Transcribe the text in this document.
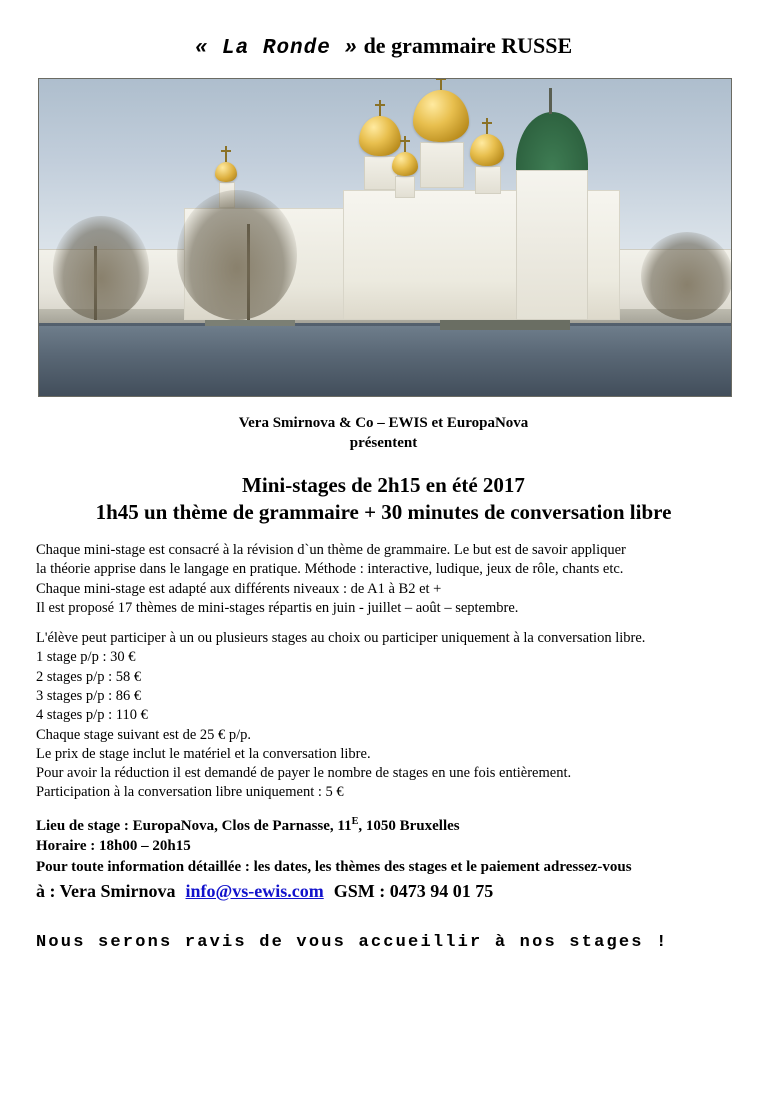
« La Ronde » de grammaire RUSSE
Vera Smirnova & Co – EWIS et EuropaNova
présentent
Mini-stages de 2h15 en été 2017
1h45 un thème de grammaire + 30 minutes de conversation libre

Chaque mini-stage est consacré à la révision d`un thème de grammaire. Le but est de savoir appliquer

la théorie apprise dans le langage en pratique. Méthode : interactive, ludique, jeux de rôle, chants etc.

Chaque mini-stage est adapté aux différents niveaux : de A1 à B2 et +

Il est proposé 17 thèmes de mini-stages répartis en juin - juillet – août – septembre.

L'élève peut participer à un ou plusieurs stages au choix ou participer uniquement à la conversation libre.

1 stage p/p : 30 €

2 stages p/p : 58 €

3 stages p/p : 86 €

4 stages p/p : 110 €

Chaque stage suivant est de 25 € p/p.

Le prix de stage inclut le matériel et la conversation libre.

Pour avoir la réduction il est demandé de payer le nombre de stages en une fois entièrement.

Participation à la conversation libre uniquement : 5 €

Lieu de stage : EuropaNova, Clos de Parnasse, $11^E$, 1050 Bruxelles
Horaire : 18h00 – 20h15
Pour toute information détaillée : les dates, les thèmes des stages et le paiement adressez-vous
à : Vera Smirnova info@vs-ewis.com GSM : 0473 94 01 75
Nous serons ravis de vous accueillir à nos stages !
